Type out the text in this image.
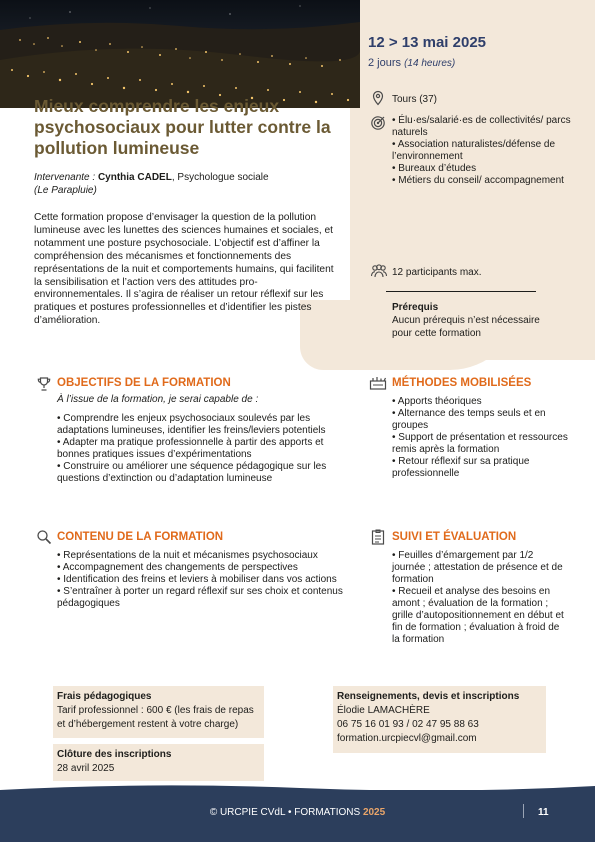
Mieux comprendre les enjeux psychosociaux pour lutter contre la pollution lumineuse
Intervenante : Cynthia CADEL, Psychologue sociale
(Le Parapluie)

Cette formation propose d’envisager la question de la pollution lumineuse avec les lunettes des sciences humaines et sociales, et notamment une posture psychosociale. L’objectif est d’affiner la compréhension des mécanismes et fonctionnements des représentations de la nuit et comportements humains, qui facilitent la sensibilisation et l’action vers des attitudes pro-environnementales. Il s’agira de réaliser un retour réflexif sur les pratiques et postures professionnelles et d’identifier les pistes d’amélioration.

12 > 13 mai 2025
2 jours (14 heures)
Tours (37)
• Élu·es/salarié·es de collectivités/ parcs naturels
• Association naturalistes/défense de l’environnement
• Bureaux d’études
• Métiers du conseil/ accompagnement
12 participants max.
Prérequis

Aucun prérequis n’est nécessaire pour cette formation

OBJECTIFS DE LA FORMATION
À l’issue de la formation, je serai capable de :
• Comprendre les enjeux psychosociaux soulevés par les adaptations lumineuses, identifier les freins/leviers potentiels
• Adapter ma pratique professionnelle à partir des apports et bonnes pratiques issues d’expérimentations
• Construire ou améliorer une séquence pédagogique sur les questions d’extinction ou d’adaptation lumineuse
MÉTHODES MOBILISÉES
• Apports théoriques
• Alternance des temps seuls et en groupes
• Support de présentation et ressources remis après la formation
• Retour réflexif sur sa pratique professionnelle
CONTENU DE LA FORMATION
• Représentations de la nuit et mécanismes psychosociaux
• Accompagnement des changements de perspectives
• Identification des freins et leviers à mobiliser dans vos actions
• S’entraîner à porter un regard réflexif sur ses choix et contenus pédagogiques
SUIVI ET ÉVALUATION
• Feuilles d’émargement par 1/2 journée ; attestation de présence et de formation
• Recueil et analyse des besoins en amont ; évaluation de la formation ; grille d’autopositionnement en début et fin de formation ; évaluation à froid de la formation
Frais pédagogiques

Tarif professionnel : 600 € (les frais de repas et d’hébergement restent à votre charge)

Clôture des inscriptions

28 avril 2025

Renseignements, devis et inscriptions

Élodie LAMACHÈRE

06 75 16 01 93 / 02 47 95 88 63

formation.urcpiecvl@gmail.com

© URCPIE CVdL • FORMATIONS 2025	11
